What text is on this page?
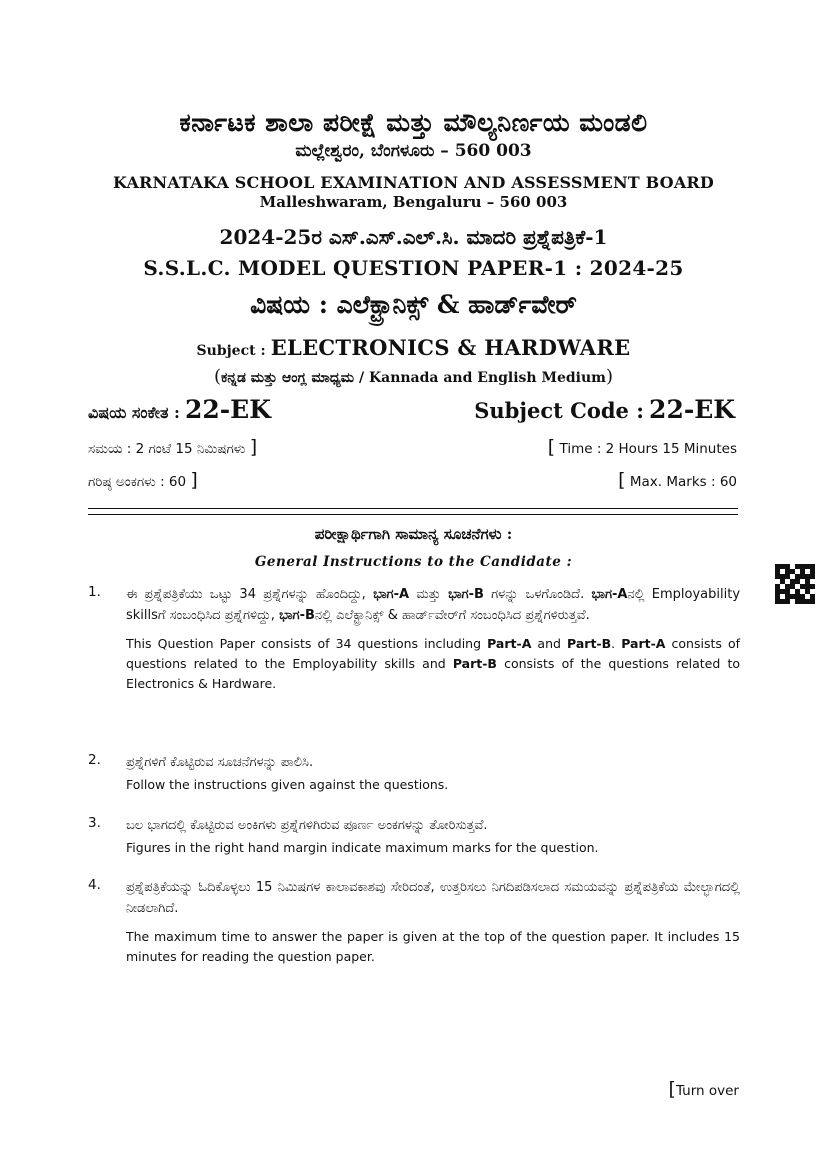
ಕರ್ನಾಟಕ ಶಾಲಾ ಪರೀಕ್ಷೆ ಮತ್ತು ಮೌಲ್ಯನಿರ್ಣಯ ಮಂಡಲಿ
ಮಲ್ಲೇಶ್ವರಂ, ಬೆಂಗಳೂರು – 560 003
KARNATAKA SCHOOL EXAMINATION AND ASSESSMENT BOARD
Malleshwaram, Bengaluru – 560 003
2024-25ರ ಎಸ್.ಎಸ್.ಎಲ್.ಸಿ. ಮಾದರಿ ಪ್ರಶ್ನೆಪತ್ರಿಕೆ-1
S.S.L.C. MODEL QUESTION PAPER-1 : 2024-25
ವಿಷಯ : ಎಲೆಕ್ಟ್ರಾನಿಕ್ಸ್ & ಹಾರ್ಡ್‌ವೇರ್
Subject : ELECTRONICS & HARDWARE
(ಕನ್ನಡ ಮತ್ತು ಆಂಗ್ಲ ಮಾಧ್ಯಮ / Kannada and English Medium)
ವಿಷಯ ಸಂಕೇತ : 22-EK	Subject Code : 22-EK
ಸಮಯ : 2 ಗಂಟೆ 15 ನಿಮಿಷಗಳು ]
ಗರಿಷ್ಠ ಅಂಕಗಳು : 60 ]
[ Time : 2 Hours 15 Minutes
[ Max. Marks : 60
ಪರೀಕ್ಷಾರ್ಥಿಗಾಗಿ ಸಾಮಾನ್ಯ ಸೂಚನೆಗಳು :
General Instructions to the Candidate :
1. ಈ ಪ್ರಶ್ನೆಪತ್ರಿಕೆಯು ಒಟ್ಟು 34 ಪ್ರಶ್ನೆಗಳನ್ನು ಹೊಂದಿದ್ದು, ಭಾಗ-A ಮತ್ತು ಭಾಗ-B ಗಳನ್ನು ಒಳಗೊಂಡಿದೆ. ಭಾಗ-Aನಲ್ಲಿ Employability skillsಗೆ ಸಂಬಂಧಿಸಿದ ಪ್ರಶ್ನೆಗಳಿದ್ದು, ಭಾಗ-Bನಲ್ಲಿ ಎಲೆಕ್ಟ್ರಾನಿಕ್ಸ್ & ಹಾರ್ಡ್‌ವೇರ್‌ಗೆ ಸಂಬಂಧಿಸಿದ ಪ್ರಶ್ನೆಗಳಿರುತ್ತವೆ.
This Question Paper consists of 34 questions including Part-A and Part-B. Part-A consists of questions related to the Employability skills and Part-B consists of the questions related to Electronics & Hardware.
2. ಪ್ರಶ್ನೆಗಳಿಗೆ ಕೊಟ್ಟಿರುವ ಸೂಚನೆಗಳನ್ನು ಪಾಲಿಸಿ.
Follow the instructions given against the questions.
3. ಬಲ ಭಾಗದಲ್ಲಿ ಕೊಟ್ಟಿರುವ ಅಂಕಿಗಳು ಪ್ರಶ್ನೆಗಳಿಗಿರುವ ಪೂರ್ಣ ಅಂಕಗಳನ್ನು ತೋರಿಸುತ್ತವೆ.
Figures in the right hand margin indicate maximum marks for the question.
4. ಪ್ರಶ್ನೆಪತ್ರಿಕೆಯನ್ನು ಓದಿಕೊಳ್ಳಲು 15 ನಿಮಿಷಗಳ ಕಾಲಾವಕಾಶವು ಸೇರಿದಂತೆ, ಉತ್ತರಿಸಲು ನಿಗದಿಪಡಿಸಲಾದ ಸಮಯವನ್ನು ಪ್ರಶ್ನೆಪತ್ರಿಕೆಯ ಮೇಲ್ಭಾಗದಲ್ಲಿ ನೀಡಲಾಗಿದೆ.
The maximum time to answer the paper is given at the top of the question paper. It includes 15 minutes for reading the question paper.
[Turn over
